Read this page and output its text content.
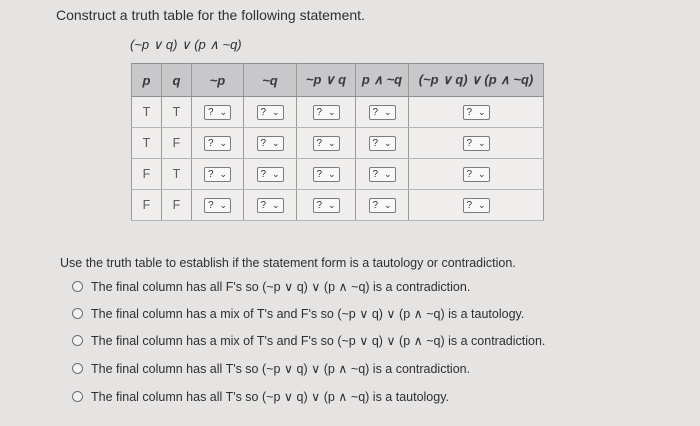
Construct a truth table for the following statement.
(~p ∨ q) ∨ (p ∧ ~q)
p	q	~p	~q	~p ∨ q	p ∧ ~q	(~p ∨ q) ∨ (p ∧ ~q)
T	T	? ⌄	? ⌄	? ⌄	? ⌄	? ⌄

T	F	? ⌄	? ⌄	? ⌄	? ⌄	? ⌄

F	T	? ⌄	? ⌄	? ⌄	? ⌄	? ⌄

F	F	? ⌄	? ⌄	? ⌄	? ⌄	? ⌄
Use the truth table to establish if the statement form is a tautology or contradiction.
The final column has all F's so (~p ∨ q) ∨ (p ∧ ~q) is a contradiction.
The final column has a mix of T's and F's so (~p ∨ q) ∨ (p ∧ ~q) is a tautology.
The final column has a mix of T's and F's so (~p ∨ q) ∨ (p ∧ ~q) is a contradiction.
The final column has all T's so (~p ∨ q) ∨ (p ∧ ~q) is a contradiction.
The final column has all T's so (~p ∨ q) ∨ (p ∧ ~q) is a tautology.
